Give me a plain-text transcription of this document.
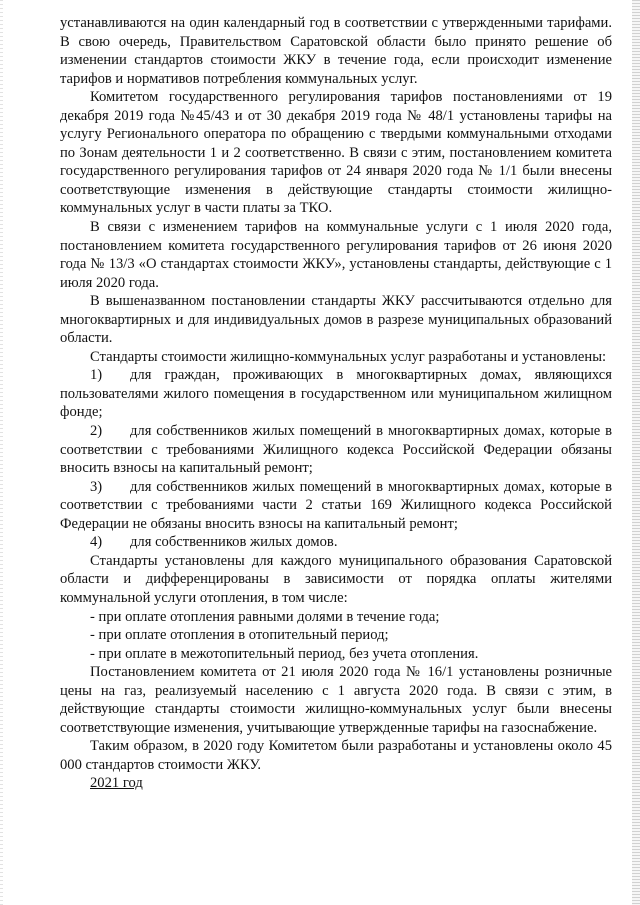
устанавливаются на один календарный год в соответствии с утвержденными тарифами. В свою очередь, Правительством Саратовской области было принято решение об изменении стандартов стоимости ЖКУ в течение года, если происходит изменение тарифов и нормативов потребления коммунальных услуг.

Комитетом государственного регулирования тарифов постановлениями от 19 декабря 2019 года №45/43 и от 30 декабря 2019 года № 48/1 установлены тарифы на услугу Регионального оператора по обращению с твердыми коммунальными отходами по Зонам деятельности 1 и 2 соответственно. В связи с этим, постановлением комитета государственного регулирования тарифов от 24 января 2020 года № 1/1 были внесены соответствующие изменения в действующие стандарты стоимости жилищно-коммунальных услуг в части платы за ТКО.

В связи с изменением тарифов на коммунальные услуги с 1 июля 2020 года, постановлением комитета государственного регулирования тарифов от 26 июня 2020 года № 13/3 «О стандартах стоимости ЖКУ», установлены стандарты, действующие с 1 июля 2020 года.

В вышеназванном постановлении стандарты ЖКУ рассчитываются отдельно для многоквартирных и для индивидуальных домов в разрезе муниципальных образований области.

Стандарты стоимости жилищно-коммунальных услуг разработаны и установлены:

1) для граждан, проживающих в многоквартирных домах, являющихся пользователями жилого помещения в государственном или муниципальном жилищном фонде;

2) для собственников жилых помещений в многоквартирных домах, которые в соответствии с требованиями Жилищного кодекса Российской Федерации обязаны вносить взносы на капитальный ремонт;

3) для собственников жилых помещений в многоквартирных домах, которые в соответствии с требованиями части 2 статьи 169 Жилищного кодекса Российской Федерации не обязаны вносить взносы на капитальный ремонт;

4) для собственников жилых домов.

Стандарты установлены для каждого муниципального образования Саратовской области и дифференцированы в зависимости от порядка оплаты жителями коммунальной услуги отопления, в том числе:

- при оплате отопления равными долями в течение года;

- при оплате отопления в отопительный период;

- при оплате в межотопительный период, без учета отопления.

Постановлением комитета от 21 июля 2020 года № 16/1 установлены розничные цены на газ, реализуемый населению с 1 августа 2020 года. В связи с этим, в действующие стандарты стоимости жилищно-коммунальных услуг были внесены соответствующие изменения, учитывающие утвержденные тарифы на газоснабжение.

Таким образом, в 2020 году Комитетом были разработаны и установлены около 45 000 стандартов стоимости ЖКУ.

2021 год
